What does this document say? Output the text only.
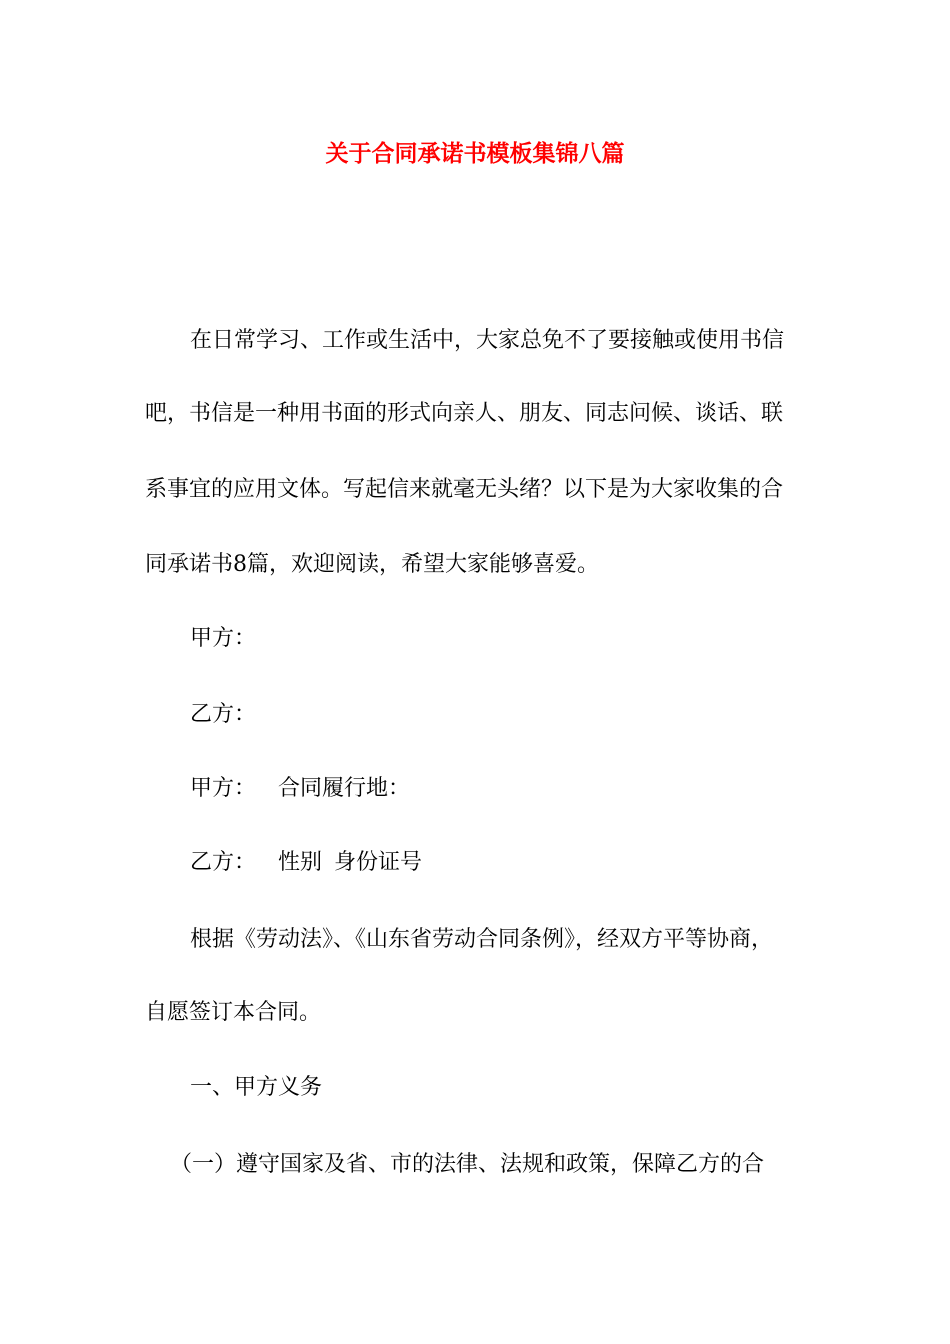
关于合同承诺书模板集锦八篇
在日常学习、工作或生活中，大家总免不了要接触或使用书信
吧，书信是一种用书面的形式向亲人、朋友、同志问候、谈话、联
系事宜的应用文体。写起信来就毫无头绪？以下是为大家收集的合
同承诺书8篇，欢迎阅读，希望大家能够喜爱。
甲方：
乙方：
甲方： 合同履行地：
乙方： 性别 身份证号
根据《劳动法》、《山东省劳动合同条例》，经双方平等协商，
自愿签订本合同。
一、甲方义务
（一）遵守国家及省、市的法律、法规和政策，保障乙方的合
